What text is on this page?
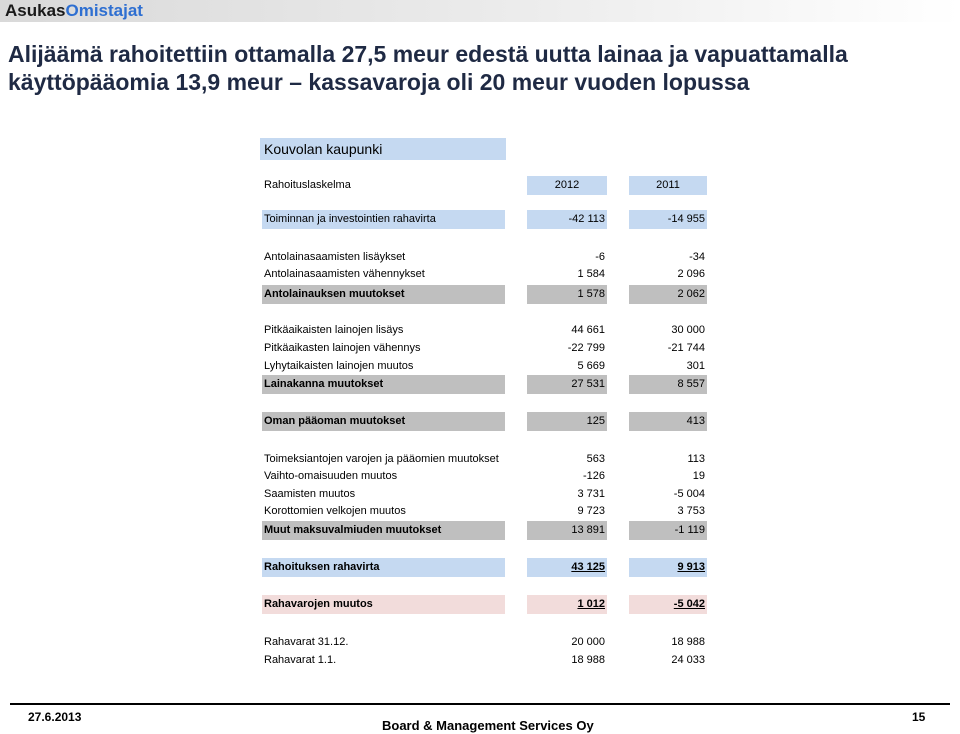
AsukasOmistajat
Alijäämä rahoitettiin ottamalla 27,5 meur edestä uutta lainaa ja vapuattamalla käyttöpääomia 13,9 meur – kassavaroja oli 20 meur vuoden lopussa
Kouvolan kaupunki
Rahoituslaskelma	2012	2011
Toiminnan ja investointien rahavirta	-42 113	-14 955
Antolainasaamisten lisäykset	-6	-34
Antolainasaamisten vähennykset	1 584	2 096
Antolainauksen muutokset	1 578	2 062
Pitkäaikaisten lainojen lisäys	44 661	30 000
Pitkäaikasten lainojen vähennys	-22 799	-21 744
Lyhytaikaisten lainojen muutos	5 669	301
Lainakanna muutokset	27 531	8 557
Oman pääoman muutokset	125	413
Toimeksiantojen varojen ja pääomien muutokset	563	113
Vaihto-omaisuuden muutos	-126	19
Saamisten muutos	3 731	-5 004
Korottomien velkojen muutos	9 723	3 753
Muut maksuvalmiuden muutokset	13 891	-1 119
Rahoituksen rahavirta	43 125	9 913
Rahavarojen muutos	1 012	-5 042
Rahavarat 31.12.	20 000	18 988
Rahavarat 1.1.	18 988	24 033
27.6.2013
Board & Management Services Oy
15
